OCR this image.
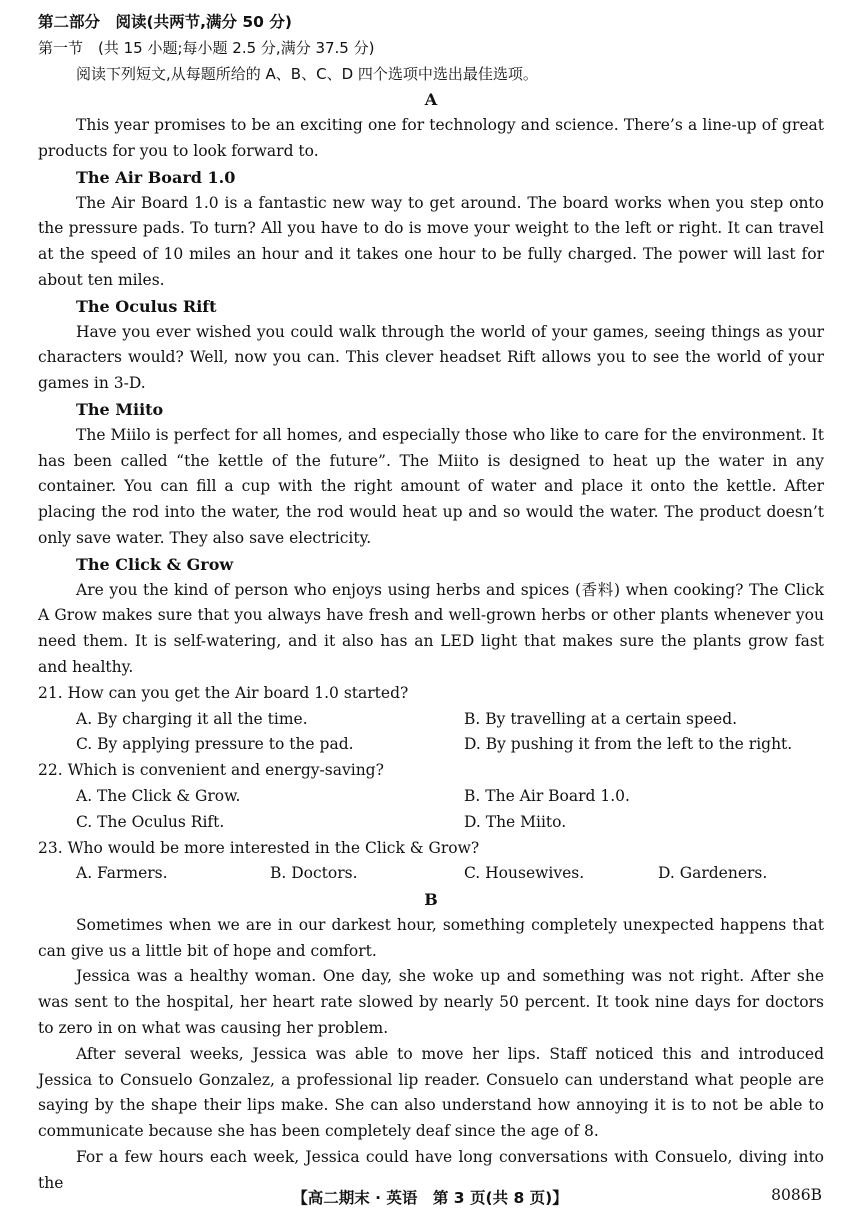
第二部分　阅读(共两节,满分 50 分)
第一节　(共 15 小题;每小题 2.5 分,满分 37.5 分)
阅读下列短文,从每题所给的 A、B、C、D 四个选项中选出最佳选项。
A

This year promises to be an exciting one for technology and science. There’s a line-up of great products for you to look forward to.

The Air Board 1.0

The Air Board 1.0 is a fantastic new way to get around. The board works when you step onto the pressure pads. To turn? All you have to do is move your weight to the left or right. It can travel at the speed of 10 miles an hour and it takes one hour to be fully charged. The power will last for about ten miles.

The Oculus Rift

Have you ever wished you could walk through the world of your games, seeing things as your characters would? Well, now you can. This clever headset Rift allows you to see the world of your games in 3-D.

The Miito

The Miilo is perfect for all homes, and especially those who like to care for the environment. It has been called “the kettle of the future”. The Miito is designed to heat up the water in any container. You can fill a cup with the right amount of water and place it onto the kettle. After placing the rod into the water, the rod would heat up and so would the water. The product doesn’t only save water. They also save electricity.

The Click & Grow

Are you the kind of person who enjoys using herbs and spices (香料) when cooking? The Click A Grow makes sure that you always have fresh and well-grown herbs or other plants whenever you need them. It is self-watering, and it also has an LED light that makes sure the plants grow fast and healthy.

21. How can you get the Air board 1.0 started?
A. By charging it all the time.	B. By travelling at a certain speed.
C. By applying pressure to the pad.	D. By pushing it from the left to the right.
22. Which is convenient and energy-saving?
A. The Click & Grow.	B. The Air Board 1.0.
C. The Oculus Rift.	D. The Miito.
23. Who would be more interested in the Click & Grow?
A. Farmers.	B. Doctors.	C. Housewives.	D. Gardeners.
B

Sometimes when we are in our darkest hour, something completely unexpected happens that can give us a little bit of hope and comfort.

Jessica was a healthy woman. One day, she woke up and something was not right. After she was sent to the hospital, her heart rate slowed by nearly 50 percent. It took nine days for doctors to zero in on what was causing her problem.

After several weeks, Jessica was able to move her lips. Staff noticed this and introduced Jessica to Consuelo Gonzalez, a professional lip reader. Consuelo can understand what people are saying by the shape their lips make. She can also understand how annoying it is to not be able to communicate because she has been completely deaf since the age of 8.

For a few hours each week, Jessica could have long conversations with Consuelo, diving into the

【高二期末 · 英语　第 3 页(共 8 页)】	8086B
